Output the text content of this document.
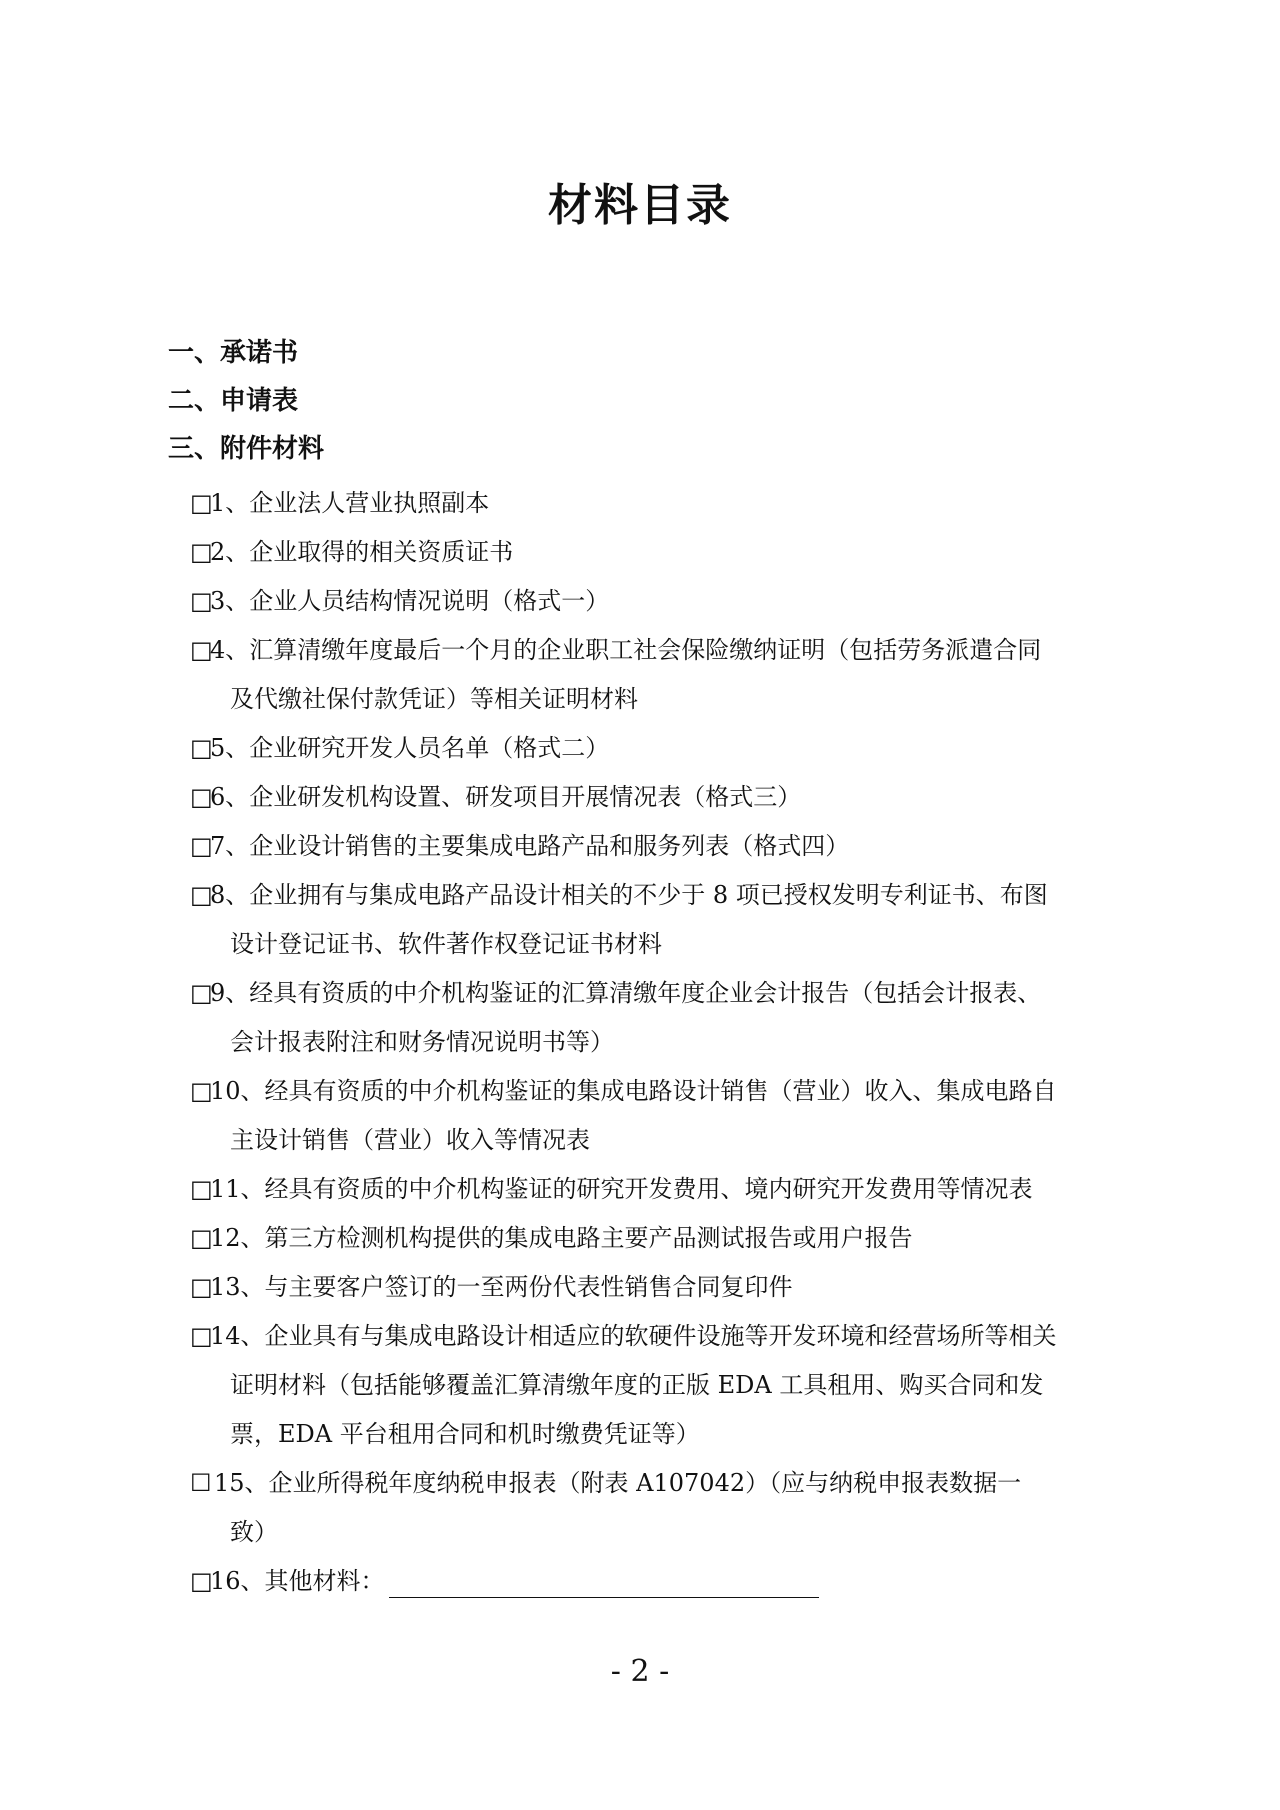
材料目录
一、承诺书
二、申请表
三、附件材料
□1、企业法人营业执照副本
□2、企业取得的相关资质证书
□3、企业人员结构情况说明（格式一）
□4、汇算清缴年度最后一个月的企业职工社会保险缴纳证明（包括劳务派遣合同
及代缴社保付款凭证）等相关证明材料
□5、企业研究开发人员名单（格式二）
□6、企业研发机构设置、研发项目开展情况表（格式三）
□7、企业设计销售的主要集成电路产品和服务列表（格式四）
□8、企业拥有与集成电路产品设计相关的不少于 8 项已授权发明专利证书、布图
设计登记证书、软件著作权登记证书材料
□9、经具有资质的中介机构鉴证的汇算清缴年度企业会计报告（包括会计报表、
会计报表附注和财务情况说明书等）
□10、经具有资质的中介机构鉴证的集成电路设计销售（营业）收入、集成电路自
主设计销售（营业）收入等情况表
□11、经具有资质的中介机构鉴证的研究开发费用、境内研究开发费用等情况表
□12、第三方检测机构提供的集成电路主要产品测试报告或用户报告
□13、与主要客户签订的一至两份代表性销售合同复印件
□14、企业具有与集成电路设计相适应的软硬件设施等开发环境和经营场所等相关
证明材料（包括能够覆盖汇算清缴年度的正版 EDA 工具租用、购买合同和发
票，EDA 平台租用合同和机时缴费凭证等）
☐ 15、企业所得税年度纳税申报表（附表 A107042）（应与纳税申报表数据一
致）
□16、其他材料：
- 2 -
